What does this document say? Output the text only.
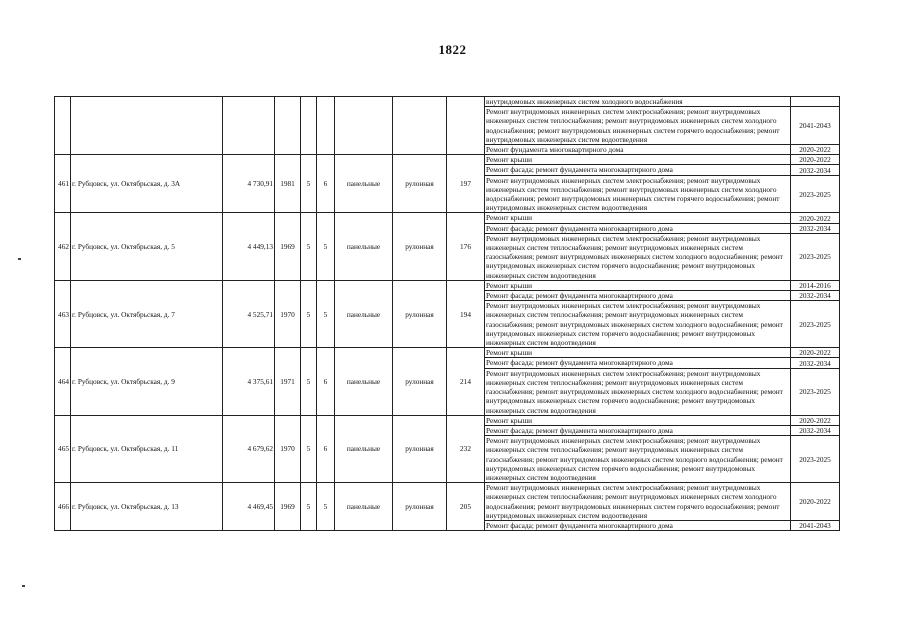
1822
									внутридомовых инженерных систем холодного водоснабжения	
									Ремонт внутридомовых инженерных систем электроснабжения; ремонт внутридомовых инженерных систем теплоснабжения; ремонт внутридомовых инженерных систем холодного водоснабжения; ремонт внутридомовых инженерных систем горячего водоснабжения; ремонт внутридомовых инженерных систем водоотведения	2041-2043
									Ремонт фундамента многоквартирного дома	2020-2022
461	г. Рубцовск, ул. Октябрьская, д. 3А	4 730,91	1981	5	6	панельные	рулонная	197	Ремонт крыши	2020-2022
									Ремонт фасада; ремонт фундамента многоквартирного дома	2032-2034
									Ремонт внутридомовых инженерных систем электроснабжения; ремонт внутридомовых инженерных систем теплоснабжения; ремонт внутридомовых инженерных систем холодного водоснабжения; ремонт внутридомовых инженерных систем горячего водоснабжения; ремонт внутридомовых инженерных систем водоотведения	2023-2025
462	г. Рубцовск, ул. Октябрьская, д. 5	4 449,13	1969	5	5	панельные	рулонная	176	Ремонт крыши	2020-2022
									Ремонт фасада; ремонт фундамента многоквартирного дома	2032-2034
									Ремонт внутридомовых инженерных систем электроснабжения; ремонт внутридомовых инженерных систем теплоснабжения; ремонт внутридомовых инженерных систем газоснабжения; ремонт внутридомовых инженерных систем холодного водоснабжения; ремонт внутридомовых инженерных систем горячего водоснабжения; ремонт внутридомовых инженерных систем водоотведения	2023-2025
463	г. Рубцовск, ул. Октябрьская, д. 7	4 525,71	1970	5	5	панельные	рулонная	194	Ремонт крыши	2014-2016
									Ремонт фасада; ремонт фундамента многоквартирного дома	2032-2034
									Ремонт внутридомовых инженерных систем электроснабжения; ремонт внутридомовых инженерных систем теплоснабжения; ремонт внутридомовых инженерных систем газоснабжения; ремонт внутридомовых инженерных систем холодного водоснабжения; ремонт внутридомовых инженерных систем горячего водоснабжения; ремонт внутридомовых инженерных систем водоотведения	2023-2025
464	г. Рубцовск, ул. Октябрьская, д. 9	4 375,61	1971	5	6	панельные	рулонная	214	Ремонт крыши	2020-2022
									Ремонт фасада; ремонт фундамента многоквартирного дома	2032-2034
									Ремонт внутридомовых инженерных систем электроснабжения; ремонт внутридомовых инженерных систем теплоснабжения; ремонт внутридомовых инженерных систем газоснабжения; ремонт внутридомовых инженерных систем холодного водоснабжения; ремонт внутридомовых инженерных систем горячего водоснабжения; ремонт внутридомовых инженерных систем водоотведения	2023-2025
465	г. Рубцовск, ул. Октябрьская, д. 11	4 679,62	1970	5	6	панельные	рулонная	232	Ремонт крыши	2020-2022
									Ремонт фасада; ремонт фундамента многоквартирного дома	2032-2034
									Ремонт внутридомовых инженерных систем электроснабжения; ремонт внутридомовых инженерных систем теплоснабжения; ремонт внутридомовых инженерных систем газоснабжения; ремонт внутридомовых инженерных систем холодного водоснабжения; ремонт внутридомовых инженерных систем горячего водоснабжения; ремонт внутридомовых инженерных систем водоотведения	2023-2025
466	г. Рубцовск, ул. Октябрьская, д. 13	4 469,45	1969	5	5	панельные	рулонная	205	Ремонт внутридомовых инженерных систем электроснабжения; ремонт внутридомовых инженерных систем теплоснабжения; ремонт внутридомовых инженерных систем холодного водоснабжения; ремонт внутридомовых инженерных систем горячего водоснабжения; ремонт внутридомовых инженерных систем водоотведения	2020-2022
									Ремонт фасада; ремонт фундамента многоквартирного дома	2041-2043
